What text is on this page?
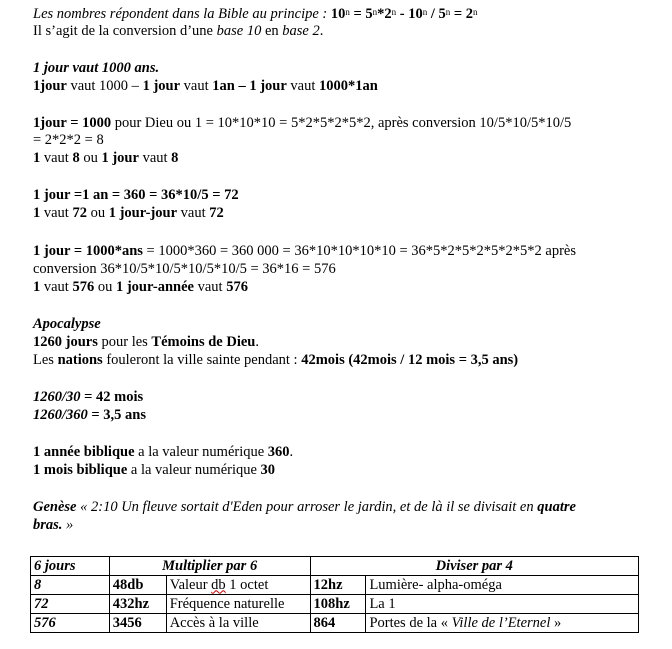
Les nombres répondent dans la Bible au principe : $10^n = 5^n*2^n - 10^n / 5^n = 2^n$
Il s’agit de la conversion d’une base 10 en base 2.
1 jour vaut 1000 ans.
1jour vaut 1000 – 1 jour vaut 1an – 1 jour vaut 1000*1an
1jour = 1000 pour Dieu ou 1 = 10*10*10 = 5*2*5*2*5*2, après conversion 10/5*10/5*10/5
= 2*2*2 = 8
1 vaut 8 ou 1 jour vaut 8
1 jour =1 an = 360 = 36*10/5 = 72
1 vaut 72 ou 1 jour-jour vaut 72
1 jour = 1000*ans = 1000*360 = 360 000 = 36*10*10*10*10 = 36*5*2*5*2*5*2*5*2 après
conversion 36*10/5*10/5*10/5*10/5 = 36*16 = 576
1 vaut 576 ou 1 jour-année vaut 576
Apocalypse
1260 jours pour les Témoins de Dieu.
Les nations fouleront la ville sainte pendant : 42mois (42mois / 12 mois = 3,5 ans)
1260/30 = 42 mois
1260/360 = 3,5 ans
1 année biblique a la valeur numérique 360.
1 mois biblique a la valeur numérique 30
Genèse « 2:10 Un fleuve sortait d'Eden pour arroser le jardin, et de là il se divisait en quatre
bras. »
6 jours	Multiplier par 6		Diviser par 4	
8	48db	Valeur db 1 octet	12hz	Lumière- alpha-oméga
72	432hz	Fréquence naturelle	108hz	La 1
576	3456	Accès à la ville	864	Portes de la « Ville de l’Eternel »
